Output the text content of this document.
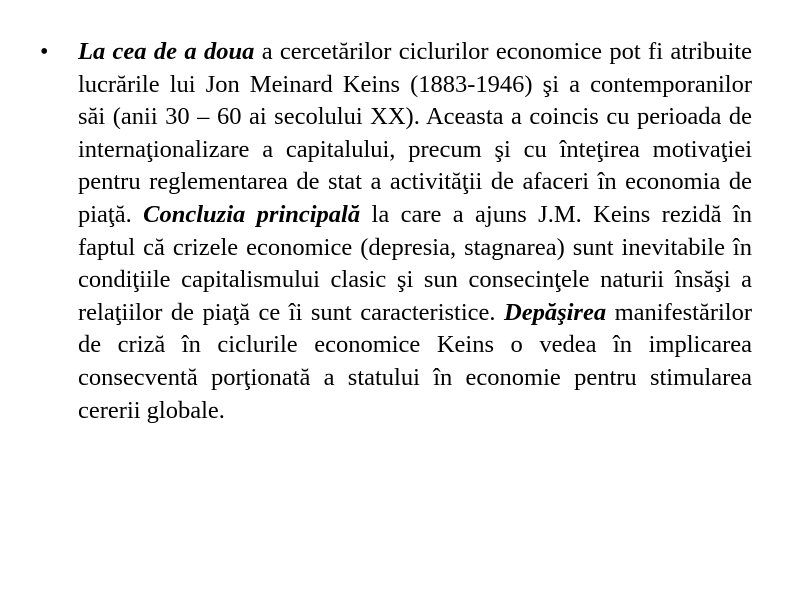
• La cea de a doua a cercetărilor ciclurilor economice pot fi atribuite lucrările lui Jon Meinard Keins (1883-1946) şi a contemporanilor săi (anii 30 – 60 ai secolului XX). Aceasta a coincis cu perioada de internaţionalizare a capitalului, precum şi cu înteţirea motivaţiei pentru reglementarea de stat a activităţii de afaceri în economia de piaţă. Concluzia principală la care a ajuns J.M. Keins rezidă în faptul că crizele economice (depresia, stagnarea) sunt inevitabile în condiţiile capitalismului clasic şi sun consecinţele naturii însăşi a relaţiilor de piaţă ce îi sunt caracteristice. Depăşirea manifestărilor de criză în ciclurile economice Keins o vedea în implicarea consecventă porţionată a statului în economie pentru stimularea cererii globale.
